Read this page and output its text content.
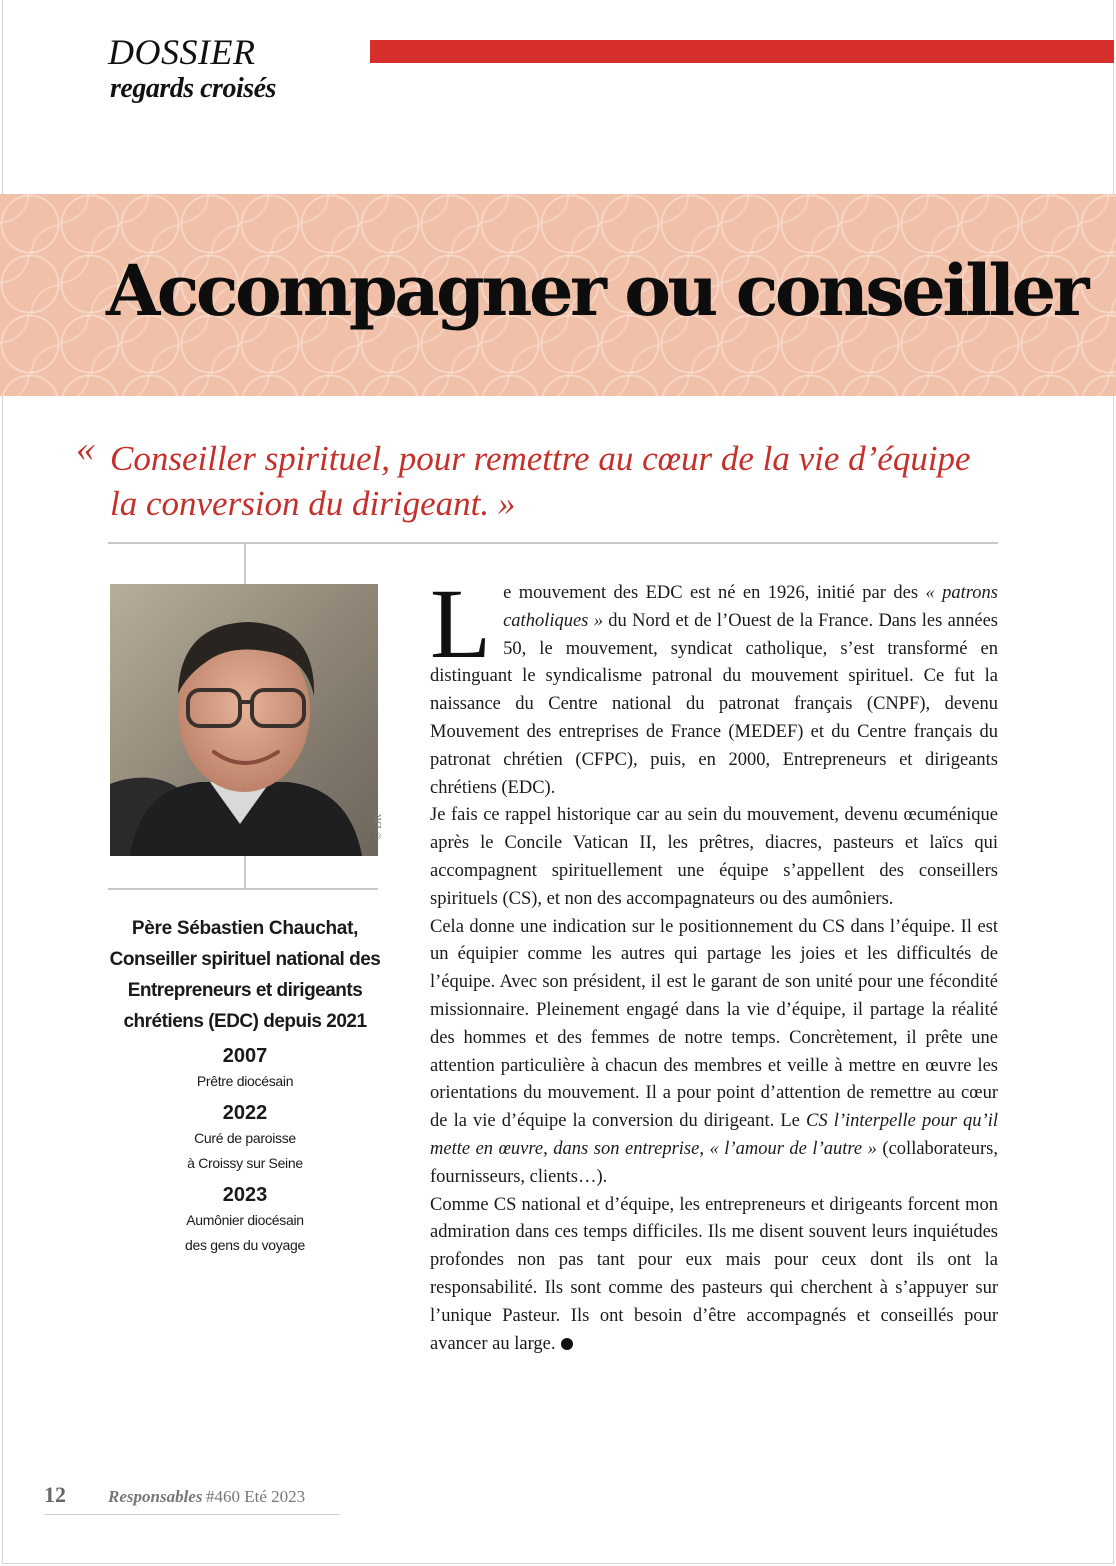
DOSSIER
regards croisés
Accompagner ou conseiller
« Conseiller spirituel, pour remettre au cœur de la vie d’équipe la conversion du dirigeant. »

© DR
Père Sébastien Chauchat,
Conseiller spirituel national des Entrepreneurs et dirigeants chrétiens (EDC) depuis 2021
2007
Prêtre diocésain
2022
Curé de paroisse
à Croissy sur Seine
2023
Aumônier diocésain
des gens du voyage

Le mouvement des EDC est né en 1926, initié par des « patrons catholiques » du Nord et de l’Ouest de la France. Dans les années 50, le mouvement, syndicat catholique, s’est transformé en distinguant le syndicalisme patronal du mouvement spirituel. Ce fut la naissance du Centre national du patronat français (CNPF), devenu Mouvement des entreprises de France (MEDEF) et du Centre français du patronat chrétien (CFPC), puis, en 2000, Entrepreneurs et dirigeants chrétiens (EDC).

Je fais ce rappel historique car au sein du mouvement, devenu œcuménique après le Concile Vatican II, les prêtres, diacres, pasteurs et laïcs qui accompagnent spirituellement une équipe s’appellent des conseillers spirituels (CS), et non des accompagnateurs ou des aumôniers.

Cela donne une indication sur le positionnement du CS dans l’équipe. Il est un équipier comme les autres qui partage les joies et les difficultés de l’équipe. Avec son président, il est le garant de son unité pour une fécondité missionnaire. Pleinement engagé dans la vie d’équipe, il partage la réalité des hommes et des femmes de notre temps. Concrètement, il prête une attention particulière à chacun des membres et veille à mettre en œuvre les orientations du mouvement. Il a pour point d’attention de remettre au cœur de la vie d’équipe la conversion du dirigeant. Le CS l’interpelle pour qu’il mette en œuvre, dans son entreprise, « l’amour de l’autre » (collaborateurs, fournisseurs, clients…).

Comme CS national et d’équipe, les entrepreneurs et dirigeants forcent mon admiration dans ces temps difficiles. Ils me disent souvent leurs inquiétudes profondes non pas tant pour eux mais pour ceux dont ils ont la responsabilité. Ils sont comme des pasteurs qui cherchent à s’appuyer sur l’unique Pasteur. Ils ont besoin d’être accompagnés et conseillés pour avancer au large.

12 Responsables #460 Eté 2023
